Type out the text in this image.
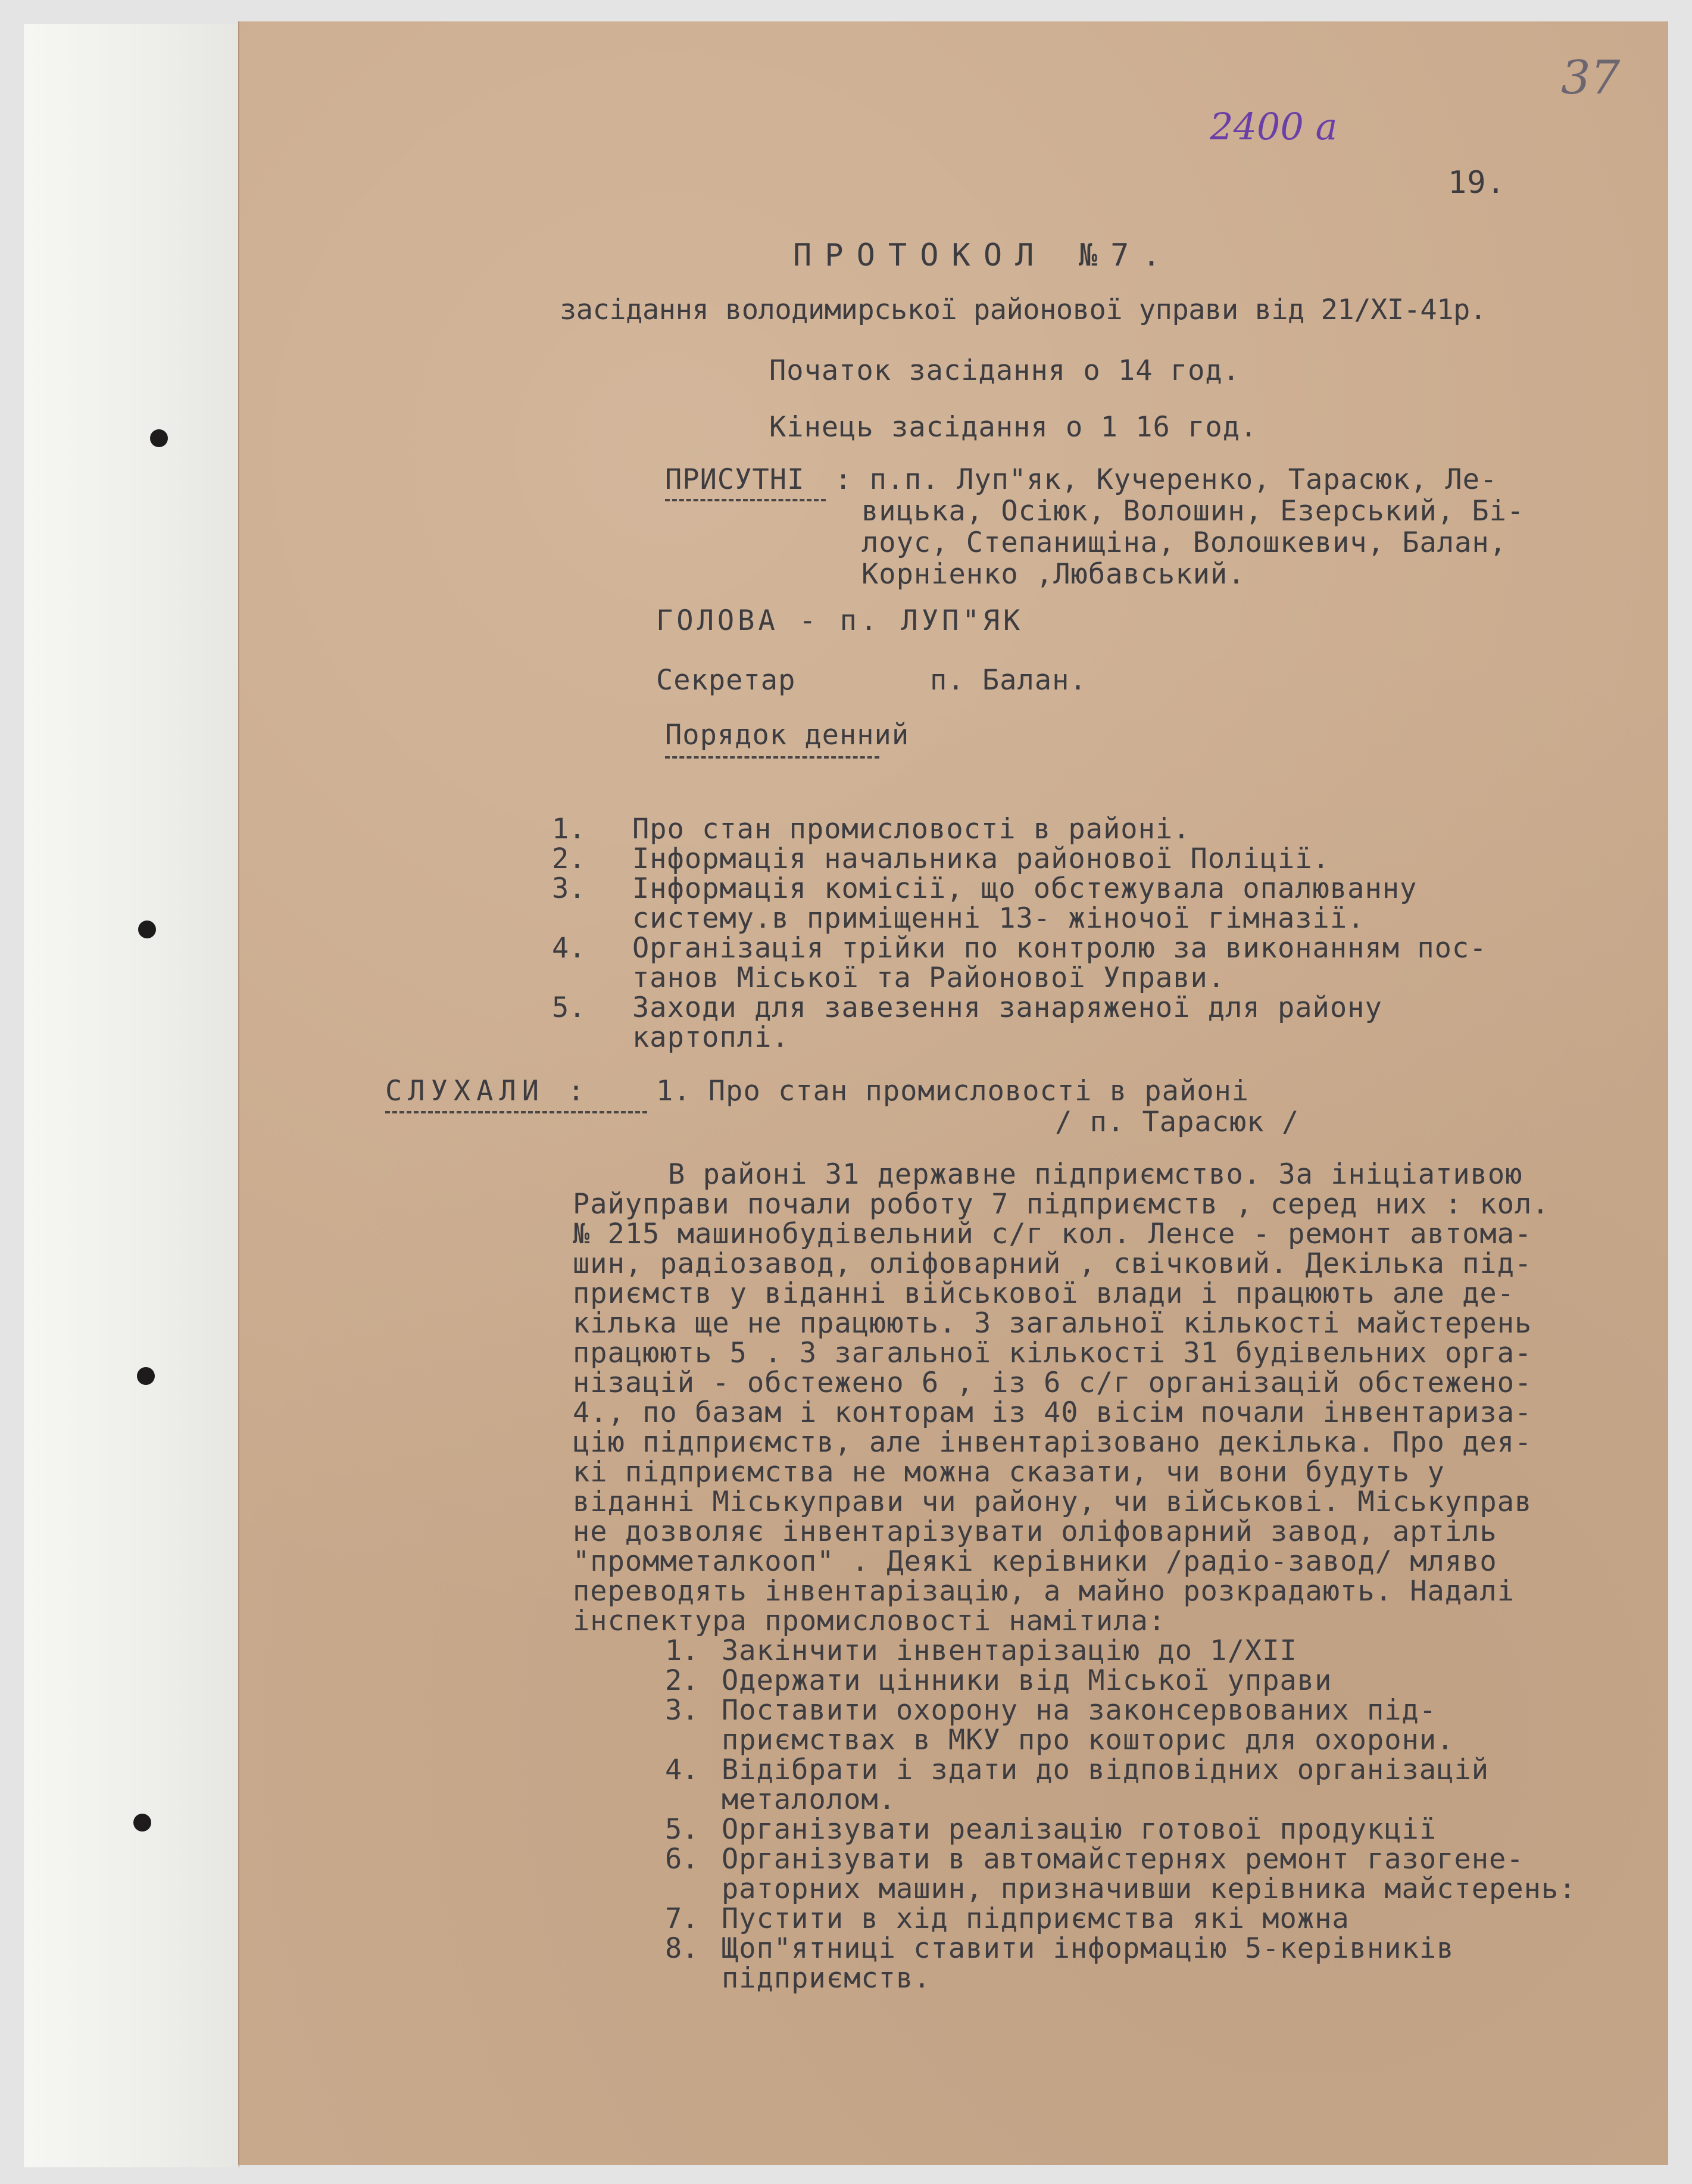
37
2400 а
19.
ПРОТОКОЛ №7.
засідання володимирської районової управи від 21/XI-41р.
Початок засідання о 14 год.
Кінець засідання о 1 16 год.
ПРИСУТНІ : п.п. Луп"як, Кучеренко, Тарасюк, Ле-
вицька, Осіюк, Волошин, Езерський, Бі-
лоус, Степанищіна, Волошкевич, Балан,
Корніенко ,Любавський.
ГОЛОВА - п. ЛУП"ЯК
Секретар	п. Балан.
Порядок денний
1. Про стан промисловості в районі.
2. Інформація начальника районової Поліції.
3. Інформація комісії, що обстежувала опалюванну
систему.в приміщенні 13- жіночої гімназії.
4. Організація трійки по контролю за виконанням пос-
танов Міської та Районової Управи.
5. Заходи для завезення занаряженої для району
картоплі.
СЛУХАЛИ : 1. Про стан промисловості в районі
/ п. Тарасюк /
В районі 31 державне підприємство. За ініціативою
Райуправи почали роботу 7 підприємств , серед них : кол.
№ 215 машинобудівельний с/г кол. Ленсе - ремонт автома-
шин, радіозавод, оліфоварний , свічковий. Декілька під-
приємств у віданні військової влади і працюють але де-
кілька ще не працюють. З загальної кількості майстерень
працюють 5 . З загальної кількості 31 будівельних орга-
нізацій - обстежено 6 , із 6 с/г організацій обстежено-
4., по базам і конторам із 40 вісім почали інвентаризa-
цію підприємств, але інвентарізовано декілька. Про дея-
кі підприємства не можна сказати, чи вони будуть у
віданні Міськуправи чи району, чи військові. Міськуправ
не дозволяє інвентарізувати оліфоварний завод, артіль
"промметалкооп" . Деякі керівники /радіо-завод/ мляво
переводять інвентарізацію, а майно розкрадають. Надалі
інспектура промисловості намітила:
1. Закінчити інвентарізацію до 1/XII
2. Одержати цінники від Міської управи
3. Поставити охорону на законсервованих під-
приємствах в МКУ про кошторис для охорони.
4. Відібрати і здати до відповідних організацій
металолом.
5. Організувати реалізацію готової продукції
6. Організувати в автомайстернях ремонт газогене-
раторних машин, призначивши керівника майстерень:
7. Пустити в хід підприємства які можна
8. Щоп"ятниці ставити інформацію 5-керівників
підприємств.
